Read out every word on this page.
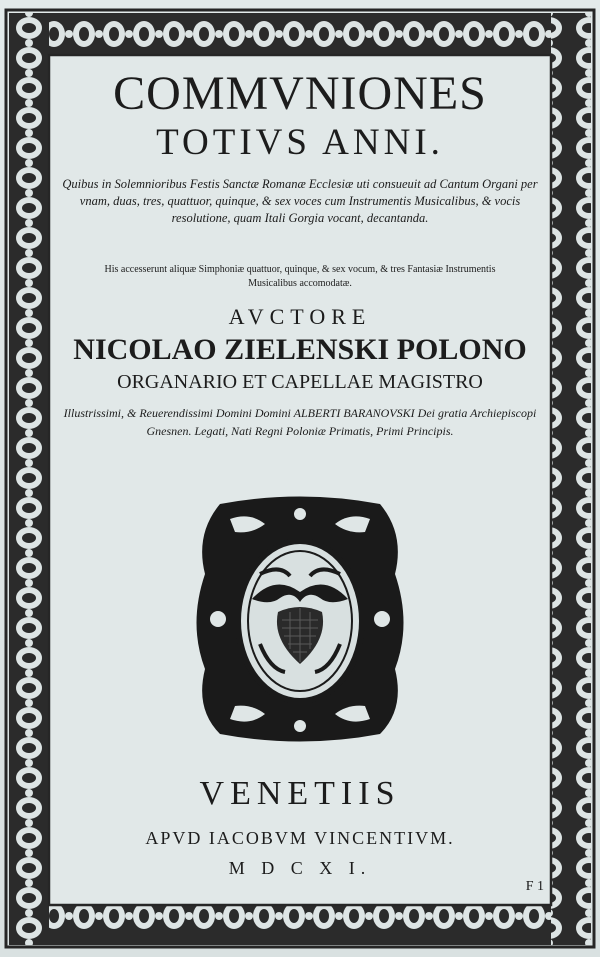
COMMVNIONES
TOTIVS ANNI.
Quibus in Solemnioribus Festis Sanctæ Romanæ Ecclesiæ uti consueuit ad Cantum Organi per vnam, duas, tres, quattuor, quinque, & sex voces cum Instrumentis Musicalibus, & vocis resolutione, quam Itali Gorgia vocant, decantanda.
His accesserunt aliquæ Simphoniæ quattuor, quinque, & sex vocum, & tres Fantasiæ Instrumentis Musicalibus accomodatæ.
AVCTORE
NICOLAO ZIELENSKI POLONO
ORGANARIO ET CAPELLAE MAGISTRO
Illustrissimi, & Reuerendissimi Domini Domini ALBERTI BARANOVSKI Dei gratia Archiepiscopi Gnesnen. Legati, Nati Regni Poloniæ Primatis, Primi Principis.
VENETIIS
APVD IACOBVM VINCENTIVM.
M D C X I.
F 1
